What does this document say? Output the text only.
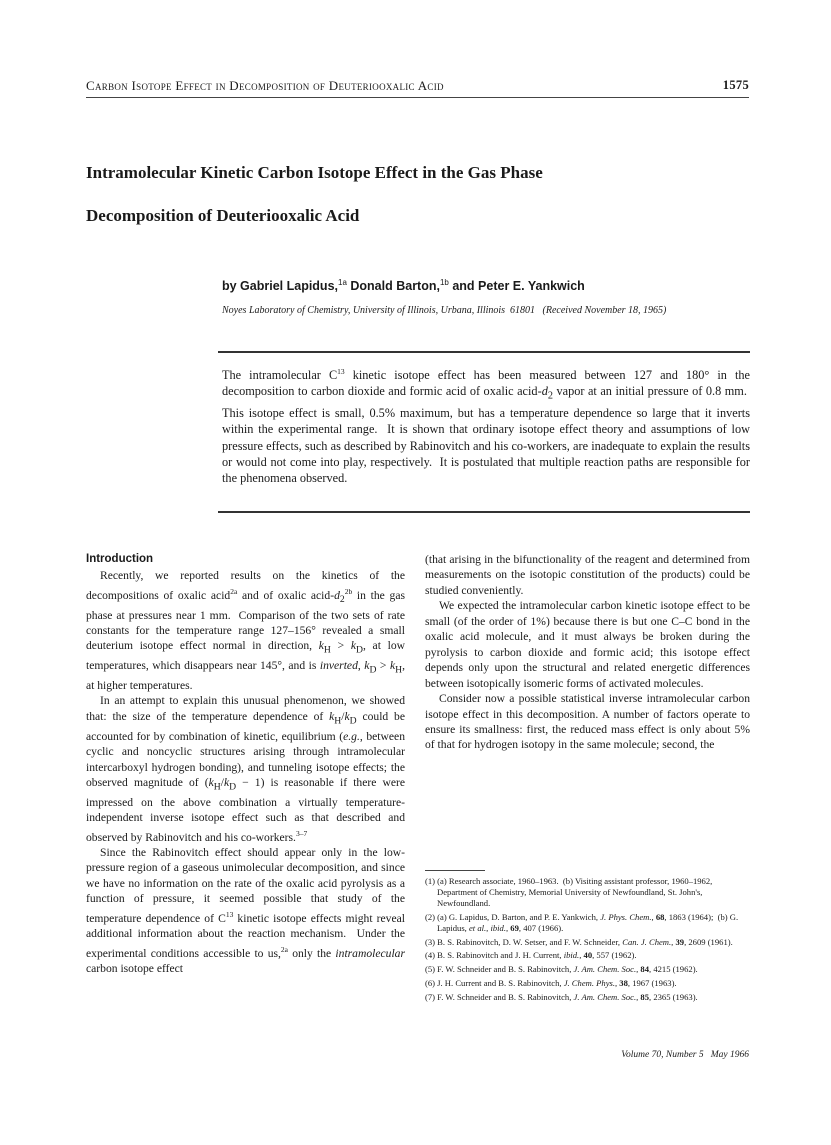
Carbon Isotope Effect in Decomposition of Deuteriooxalic Acid	1575
Intramolecular Kinetic Carbon Isotope Effect in the Gas Phase
Decomposition of Deuteriooxalic Acid
by Gabriel Lapidus,$^{1a}$ Donald Barton,$^{1b}$ and Peter E. Yankwich
Noyes Laboratory of Chemistry, University of Illinois, Urbana, Illinois  61801   (Received November 18, 1965)
The intramolecular $C^{13}$ kinetic isotope effect has been measured between 127 and 180° in the decomposition to carbon dioxide and formic acid of oxalic acid-$d_2$ vapor at an initial pressure of 0.8 mm.  This isotope effect is small, 0.5% maximum, but has a temperature dependence so large that it inverts within the experimental range.  It is shown that ordinary isotope effect theory and assumptions of low pressure effects, such as described by Rabinovitch and his co-workers, are inadequate to explain the results or would not come into play, respectively.  It is postulated that multiple reaction paths are responsible for the phenomena observed.
Introduction

Recently, we reported results on the kinetics of the decompositions of oxalic acid$^{2a}$ and of oxalic acid-$d_2^{2b}$ in the gas phase at pressures near 1 mm.  Comparison of the two sets of rate constants for the temperature range 127–156° revealed a small deuterium isotope effect normal in direction, $k_H > k_D$, at low temperatures, which disappears near 145°, and is inverted, $k_D > k_H$, at higher temperatures.

In an attempt to explain this unusual phenomenon, we showed that: the size of the temperature dependence of $k_H/k_D$ could be accounted for by combination of kinetic, equilibrium (e.g., between cyclic and noncyclic structures arising through intramolecular intercarboxyl hydrogen bonding), and tunneling isotope effects; the observed magnitude of $(k_H/k_D - 1)$ is reasonable if there were impressed on the above combination a virtually temperature-independent inverse isotope effect such as that described and observed by Rabinovitch and his co-workers.$^{3-7}$

Since the Rabinovitch effect should appear only in the low-pressure region of a gaseous unimolecular decomposition, and since we have no information on the rate of the oxalic acid pyrolysis as a function of pressure, it seemed possible that study of the temperature dependence of $C^{13}$ kinetic isotope effects might reveal additional information about the reaction mechanism.  Under the experimental conditions accessible to us,$^{2a}$ only the intramolecular carbon isotope effect

(that arising in the bifunctionality of the reagent and determined from measurements on the isotopic constitution of the products) could be studied conveniently.

We expected the intramolecular carbon kinetic isotope effect to be small (of the order of 1%) because there is but one C–C bond in the oxalic acid molecule, and it must always be broken during the pyrolysis to carbon dioxide and formic acid; this isotope effect depends only upon the structural and related energetic differences between isotopically isomeric forms of activated molecules.

Consider now a possible statistical inverse intramolecular carbon isotope effect in this decomposition. A number of factors operate to ensure its smallness: first, the reduced mass effect is only about 5% of that for hydrogen isotopy in the same molecule; second, the

(1) (a) Research associate, 1960–1963.  (b) Visiting assistant professor, 1960–1962, Department of Chemistry, Memorial University of Newfoundland, St. John's, Newfoundland.

(2) (a) G. Lapidus, D. Barton, and P. E. Yankwich, J. Phys. Chem., 68, 1863 (1964);  (b) G. Lapidus, et al., ibid., 69, 407 (1966).

(3) B. S. Rabinovitch, D. W. Setser, and F. W. Schneider, Can. J. Chem., 39, 2609 (1961).

(4) B. S. Rabinovitch and J. H. Current, ibid., 40, 557 (1962).

(5) F. W. Schneider and B. S. Rabinovitch, J. Am. Chem. Soc., 84, 4215 (1962).

(6) J. H. Current and B. S. Rabinovitch, J. Chem. Phys., 38, 1967 (1963).

(7) F. W. Schneider and B. S. Rabinovitch, J. Am. Chem. Soc., 85, 2365 (1963).

Volume 70, Number 5   May 1966
